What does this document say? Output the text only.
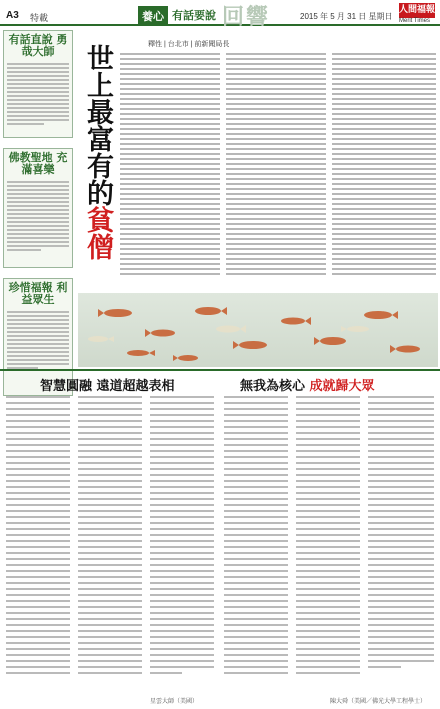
A3 特載	養心 有話要說 回響	2015 年 5 月 31 日 星期日
人間福報
Merit Times
有話直說 勇哉大師
佛教聖地 充滿喜樂
珍惜福報 利益眾生
世上最富有的貧僧
釋性 | 台北市 | 前新聞局長
智慧圓融 遠道超越表相	無我為核心 成就歸大眾
星雲大師（美國）	陳大舜（美國／佛光大學工程學士）
